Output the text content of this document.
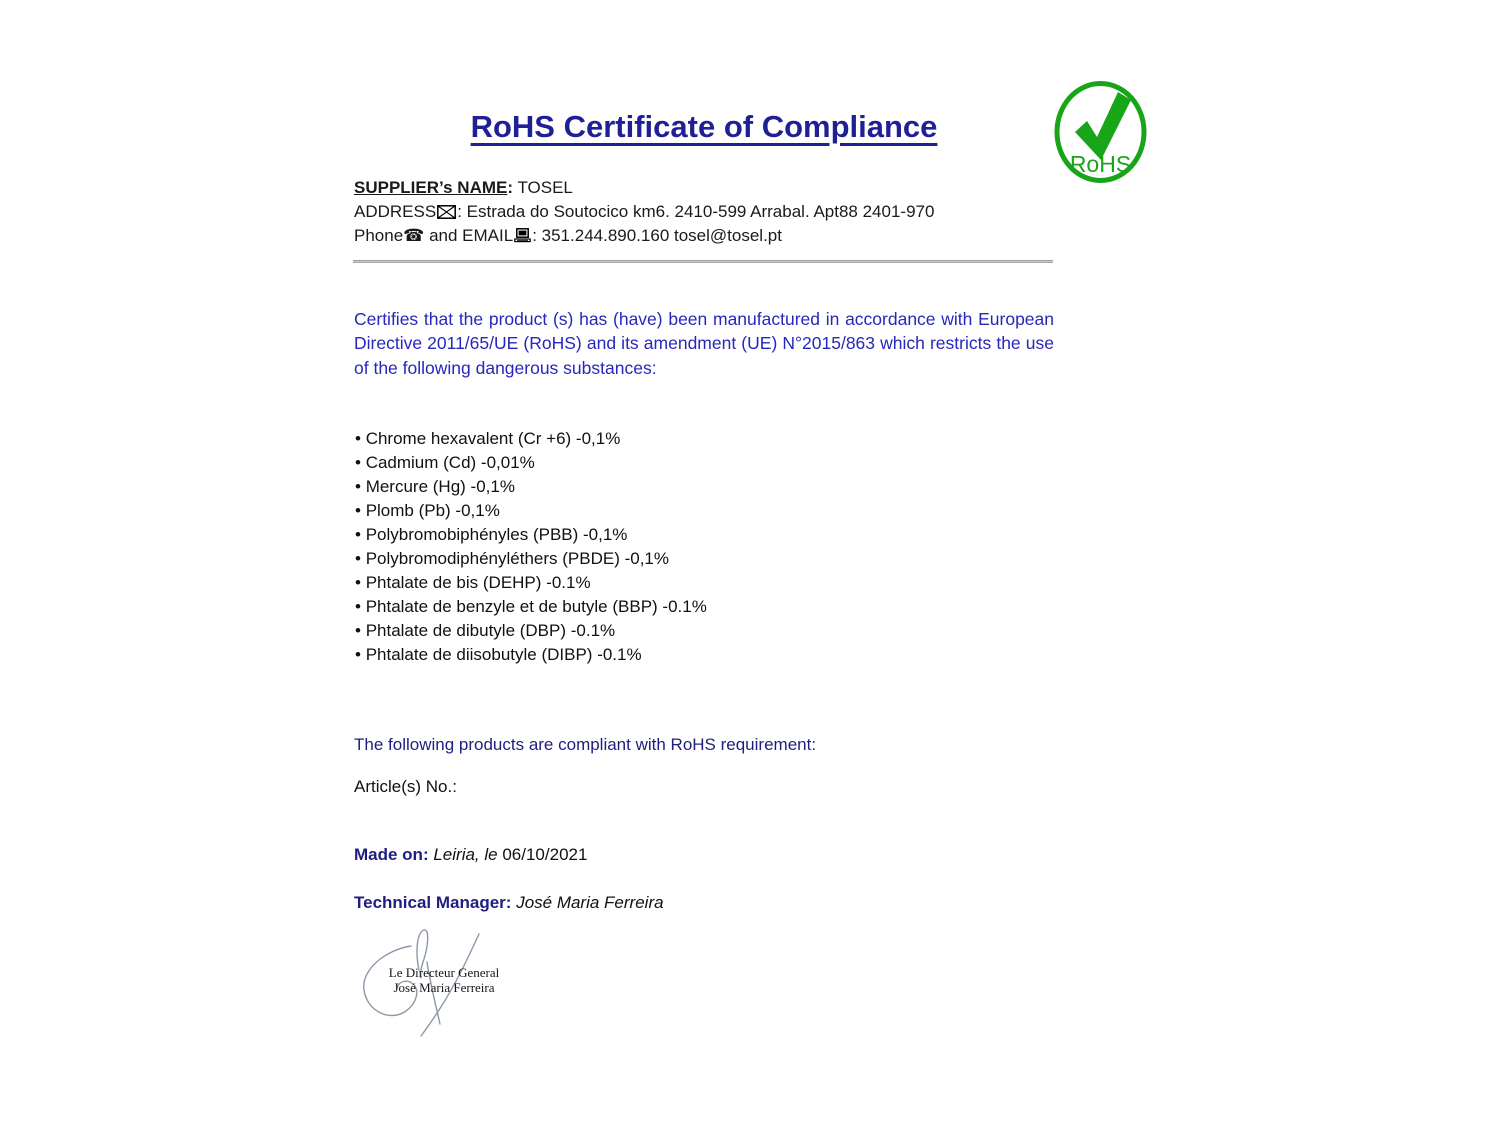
RoHS Certificate of Compliance
RoHS

SUPPLIER’s NAME: TOSEL

ADDRESS : Estrada do Soutocico km6. 2410-599 Arrabal. Apt88 2401-970

Phone☎ and EMAIL : 351.244.890.160 tosel@tosel.pt

Certifies that the product (s) has (have) been manufactured in accordance with European Directive 2011/65/UE (RoHS) and its amendment (UE) N°2015/863 which restricts the use of the following dangerous substances:

• Chrome hexavalent (Cr +6) -0,1%
• Cadmium (Cd) -0,01%
• Mercure (Hg) -0,1%
• Plomb (Pb) -0,1%
• Polybromobiphényles (PBB) -0,1%
• Polybromodiphényléthers (PBDE) -0,1%
• Phtalate de bis (DEHP) -0.1%
• Phtalate de benzyle et de butyle (BBP) -0.1%
• Phtalate de dibutyle (DBP) -0.1%
• Phtalate de diisobutyle (DIBP) -0.1%

The following products are compliant with RoHS requirement:

Article(s) No.:

Made on: Leiria, le 06/10/2021

Technical Manager: José Maria Ferreira

Le Directeur General
José Maria Ferreira
